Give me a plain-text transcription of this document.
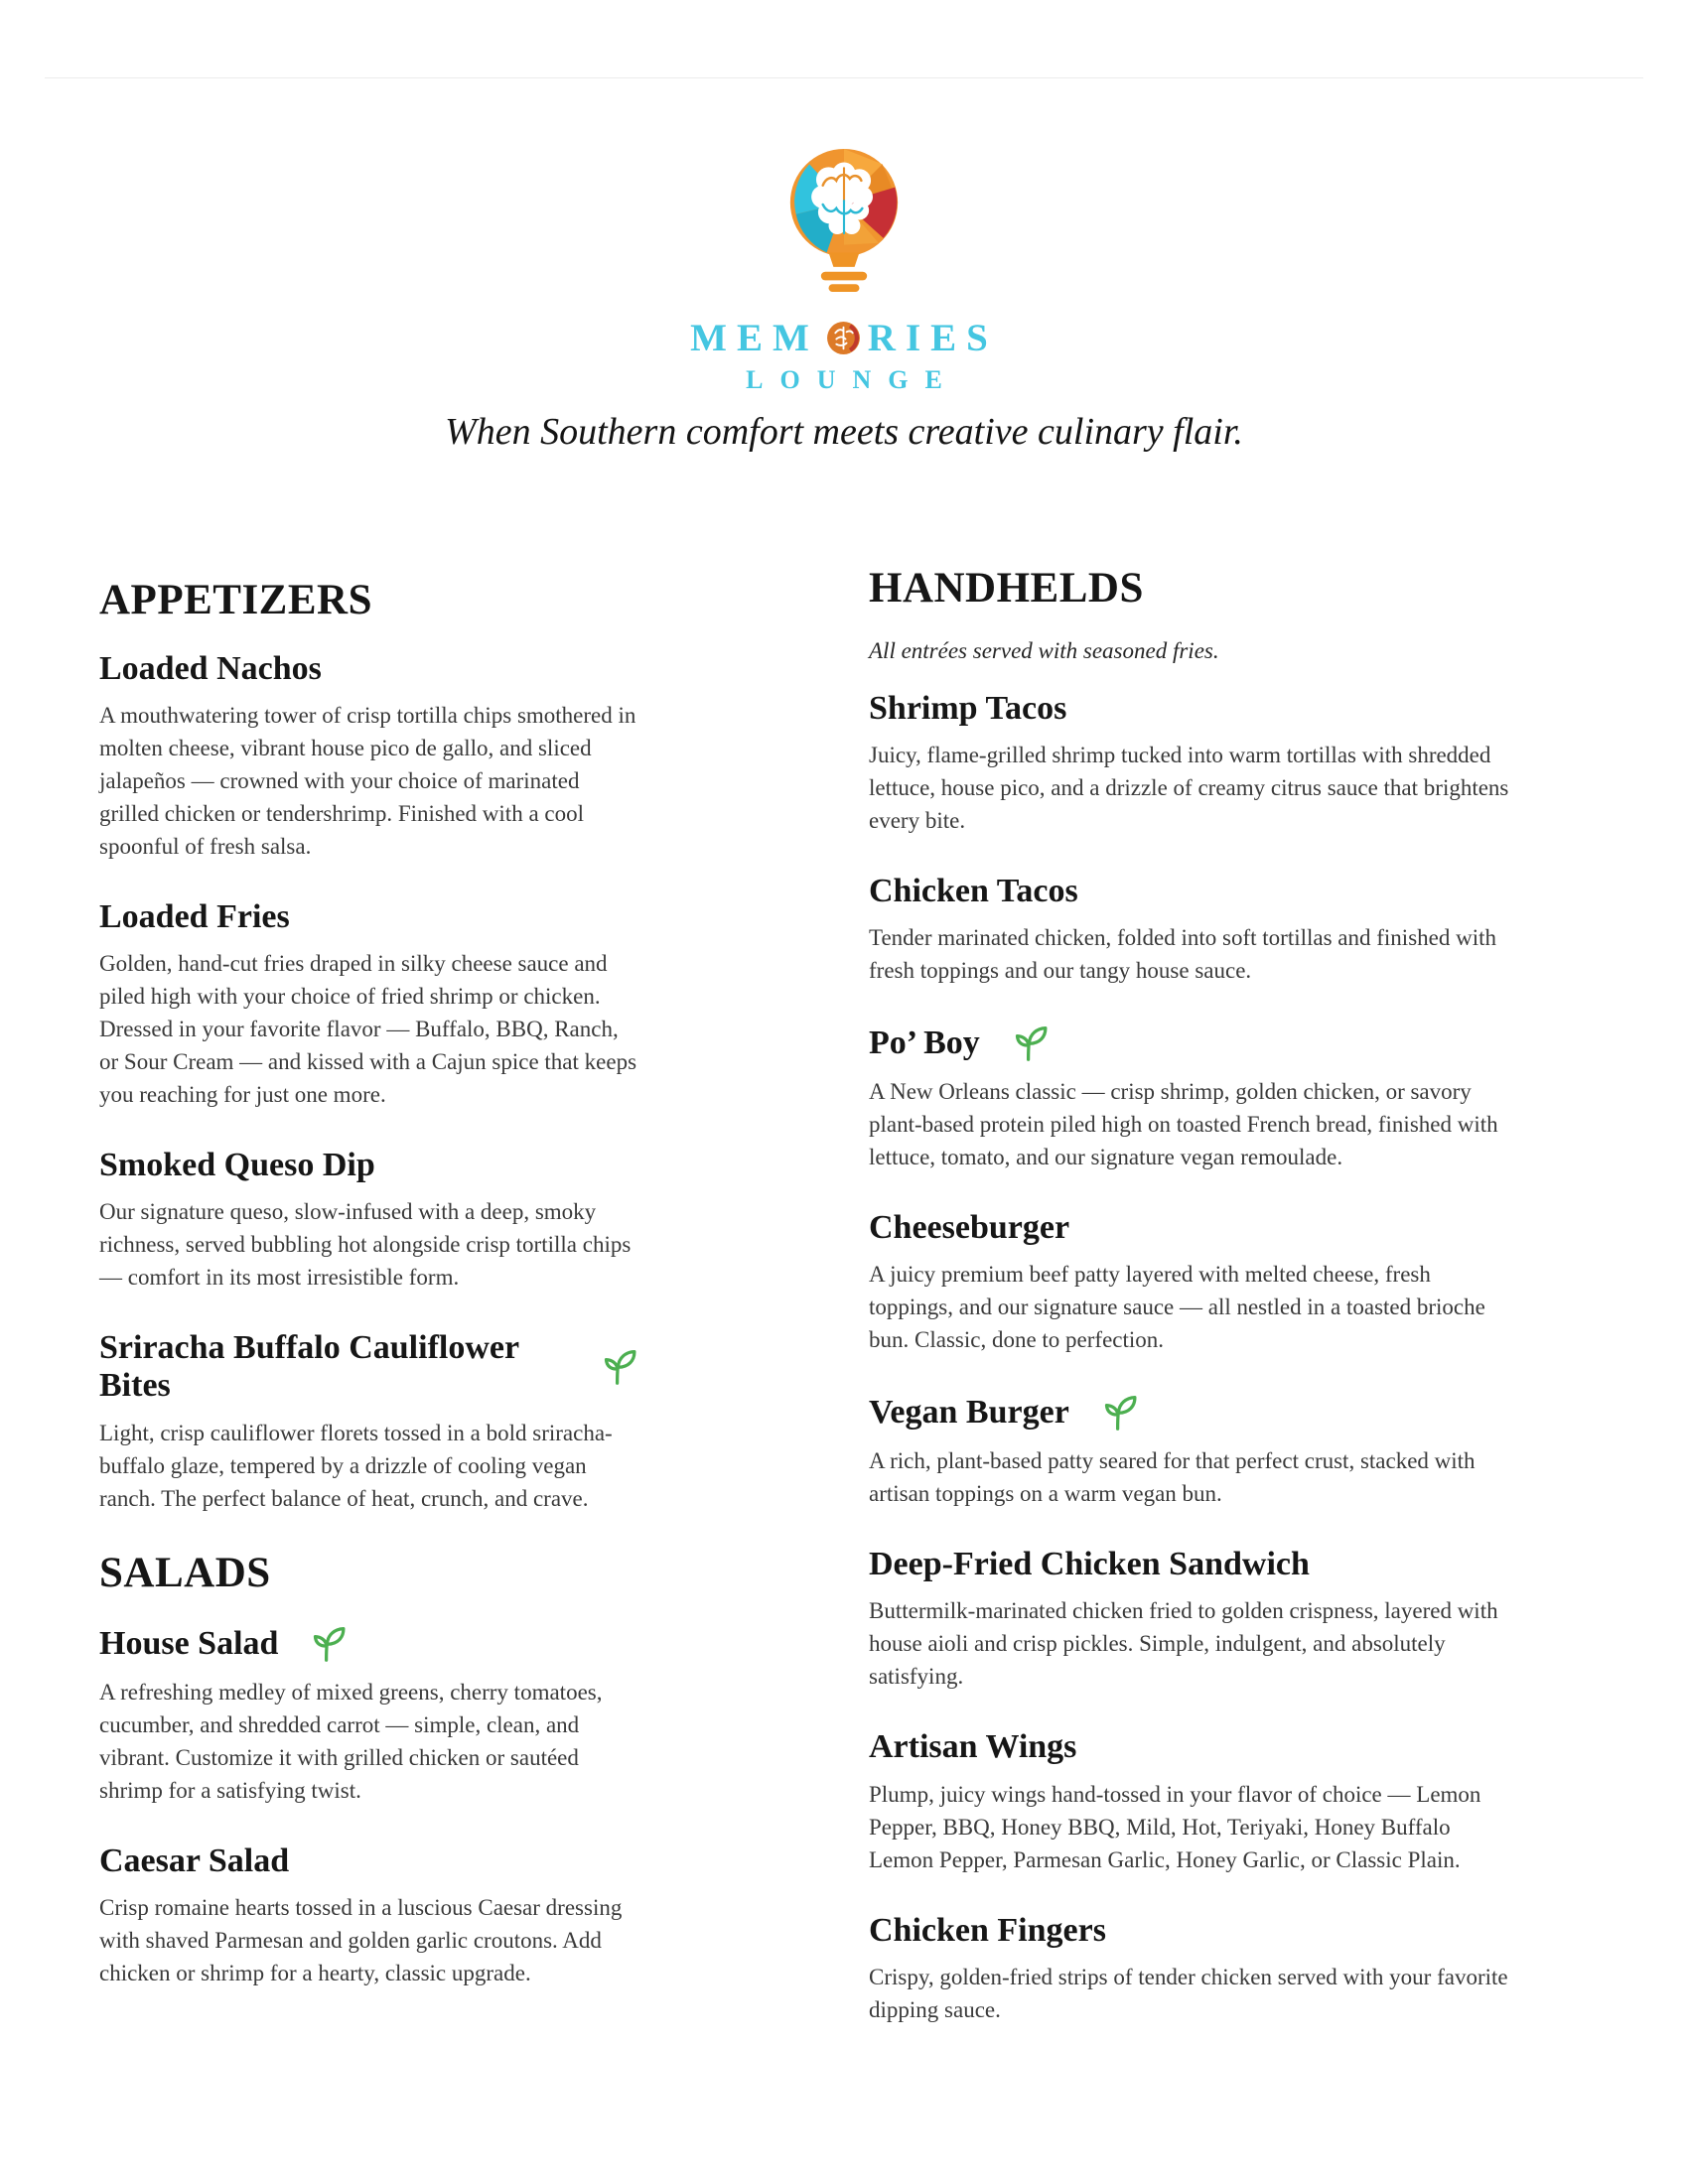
MEM RIES
LOUNGE
When Southern comfort meets creative culinary flair.
APPETIZERS
Loaded Nachos

A mouthwatering tower of crisp tortilla chips smothered in molten cheese, vibrant house pico de gallo, and sliced jalapeños — crowned with your choice of marinated grilled chicken or tendershrimp. Finished with a cool spoonful of fresh salsa.

Loaded Fries

Golden, hand-cut fries draped in silky cheese sauce and piled high with your choice of fried shrimp or chicken. Dressed in your favorite flavor — Buffalo, BBQ, Ranch, or Sour Cream — and kissed with a Cajun spice that keeps you reaching for just one more.

Smoked Queso Dip

Our signature queso, slow-infused with a deep, smoky richness, served bubbling hot alongside crisp tortilla chips — comfort in its most irresistible form.

Sriracha Buffalo Cauliflower Bites

Light, crisp cauliflower florets tossed in a bold sriracha-buffalo glaze, tempered by a drizzle of cooling vegan ranch. The perfect balance of heat, crunch, and crave.

SALADS
House Salad

A refreshing medley of mixed greens, cherry tomatoes, cucumber, and shredded carrot — simple, clean, and vibrant. Customize it with grilled chicken or sautéed shrimp for a satisfying twist.

Caesar Salad

Crisp romaine hearts tossed in a luscious Caesar dressing with shaved Parmesan and golden garlic croutons. Add chicken or shrimp for a hearty, classic upgrade.

HANDHELDS

All entrées served with seasoned fries.

Shrimp Tacos

Juicy, flame-grilled shrimp tucked into warm tortillas with shredded lettuce, house pico, and a drizzle of creamy citrus sauce that brightens every bite.

Chicken Tacos

Tender marinated chicken, folded into soft tortillas and finished with fresh toppings and our tangy house sauce.

Po’ Boy

A New Orleans classic — crisp shrimp, golden chicken, or savory plant-based protein piled high on toasted French bread, finished with lettuce, tomato, and our signature vegan remoulade.

Cheeseburger

A juicy premium beef patty layered with melted cheese, fresh toppings, and our signature sauce — all nestled in a toasted brioche bun. Classic, done to perfection.

Vegan Burger

A rich, plant-based patty seared for that perfect crust, stacked with artisan toppings on a warm vegan bun.

Deep-Fried Chicken Sandwich

Buttermilk-marinated chicken fried to golden crispness, layered with house aioli and crisp pickles. Simple, indulgent, and absolutely satisfying.

Artisan Wings

Plump, juicy wings hand-tossed in your flavor of choice — Lemon Pepper, BBQ, Honey BBQ, Mild, Hot, Teriyaki, Honey Buffalo Lemon Pepper, Parmesan Garlic, Honey Garlic, or Classic Plain.

Chicken Fingers

Crispy, golden-fried strips of tender chicken served with your favorite dipping sauce.
